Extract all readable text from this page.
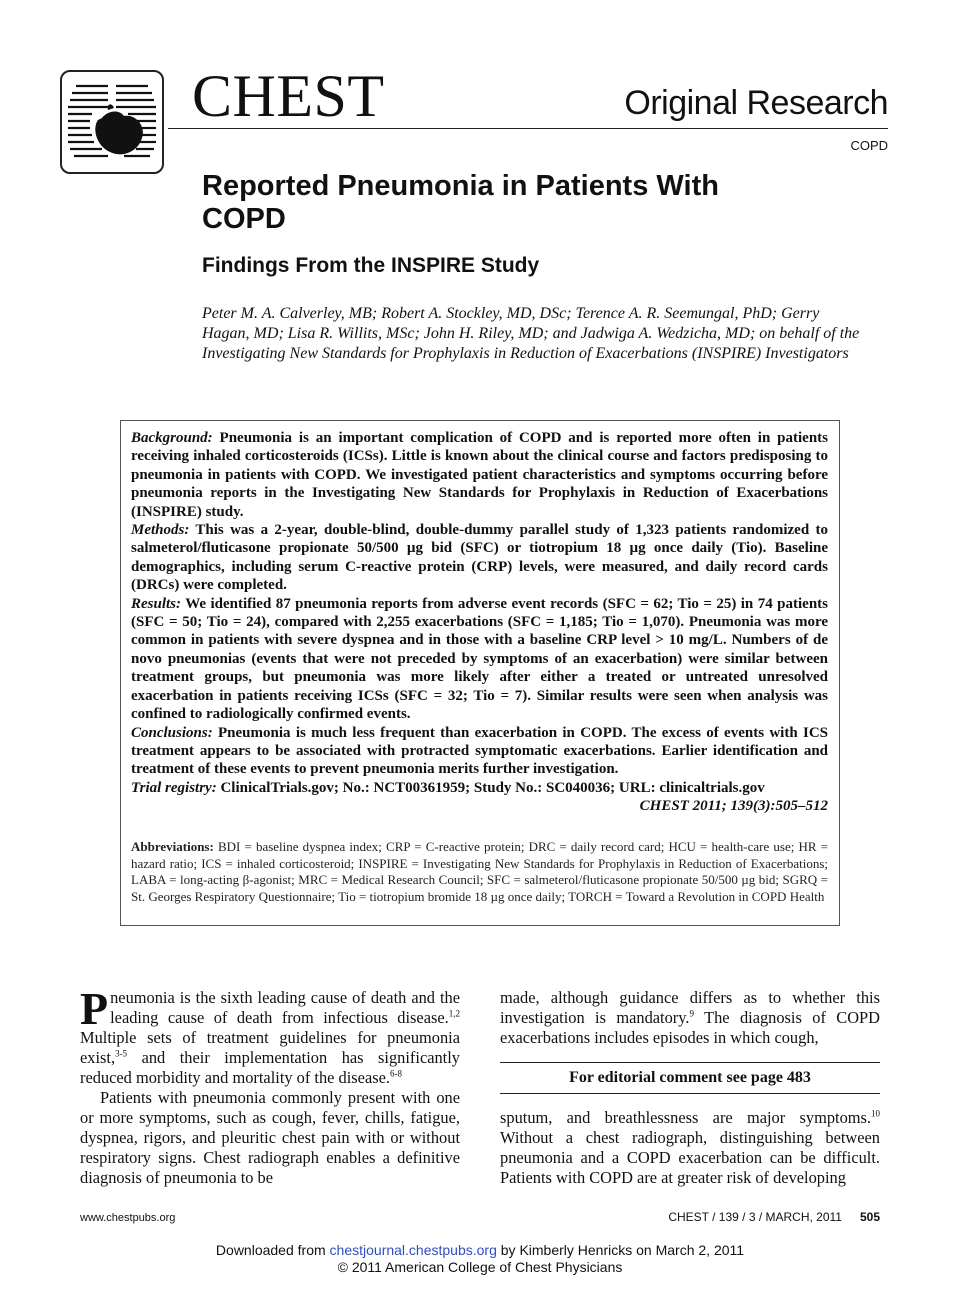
CHEST	Original Research
COPD
Reported Pneumonia in Patients With COPD
Findings From the INSPIRE Study

Peter M. A. Calverley, MB; Robert A. Stockley, MD, DSc; Terence A. R. Seemungal, PhD; Gerry Hagan, MD; Lisa R. Willits, MSc; John H. Riley, MD; and Jadwiga A. Wedzicha, MD; on behalf of the Investigating New Standards for Prophylaxis in Reduction of Exacerbations (INSPIRE) Investigators

Background: Pneumonia is an important complication of COPD and is reported more often in patients receiving inhaled corticosteroids (ICSs). Little is known about the clinical course and factors predisposing to pneumonia in patients with COPD. We investigated patient characteristics and symptoms occurring before pneumonia reports in the Investigating New Standards for Prophylaxis in Reduction of Exacerbations (INSPIRE) study.

Methods: This was a 2-year, double-blind, double-dummy parallel study of 1,323 patients randomized to salmeterol/fluticasone propionate 50/500 µg bid (SFC) or tiotropium 18 µg once daily (Tio). Baseline demographics, including serum C-reactive protein (CRP) levels, were measured, and daily record cards (DRCs) were completed.

Results: We identified 87 pneumonia reports from adverse event records (SFC = 62; Tio = 25) in 74 patients (SFC = 50; Tio = 24), compared with 2,255 exacerbations (SFC = 1,185; Tio = 1,070). Pneumonia was more common in patients with severe dyspnea and in those with a baseline CRP level > 10 mg/L. Numbers of de novo pneumonias (events that were not preceded by symptoms of an exacerbation) were similar between treatment groups, but pneumonia was more likely after either a treated or untreated unresolved exacerbation in patients receiving ICSs (SFC = 32; Tio = 7). Similar results were seen when analysis was confined to radiologically confirmed events.

Conclusions: Pneumonia is much less frequent than exacerbation in COPD. The excess of events with ICS treatment appears to be associated with protracted symptomatic exacerbations. Earlier identification and treatment of these events to prevent pneumonia merits further investigation.

Trial registry: ClinicalTrials.gov; No.: NCT00361959; Study No.: SC040036; URL: clinicaltrials.gov

CHEST 2011; 139(3):505–512

Abbreviations: BDI = baseline dyspnea index; CRP = C-reactive protein; DRC = daily record card; HCU = health-care use; HR = hazard ratio; ICS = inhaled corticosteroid; INSPIRE = Investigating New Standards for Prophylaxis in Reduction of Exacerbations; LABA = long-acting β-agonist; MRC = Medical Research Council; SFC = salmeterol/fluticasone propionate 50/500 µg bid; SGRQ = St. Georges Respiratory Questionnaire; Tio = tiotropium bromide 18 µg once daily; TORCH = Toward a Revolution in COPD Health

Pneumonia is the sixth leading cause of death and the leading cause of death from infectious disease.$^{1,2}$ Multiple sets of treatment guidelines for pneumonia exist,$^{3-5}$ and their implementation has significantly reduced morbidity and mortality of the disease.$^{6-8}$

Patients with pneumonia commonly present with one or more symptoms, such as cough, fever, chills, fatigue, dyspnea, rigors, and pleuritic chest pain with or without respiratory signs. Chest radiograph enables a definitive diagnosis of pneumonia to be

made, although guidance differs as to whether this investigation is mandatory.$^9$ The diagnosis of COPD exacerbations includes episodes in which cough,

For editorial comment see page 483

sputum, and breathlessness are major symptoms.$^{10}$ Without a chest radiograph, distinguishing between pneumonia and a COPD exacerbation can be difficult. Patients with COPD are at greater risk of developing

www.chestpubs.org	CHEST / 139 / 3 / MARCH, 2011 505
Downloaded from chestjournal.chestpubs.org by Kimberly Henricks on March 2, 2011
© 2011 American College of Chest Physicians
